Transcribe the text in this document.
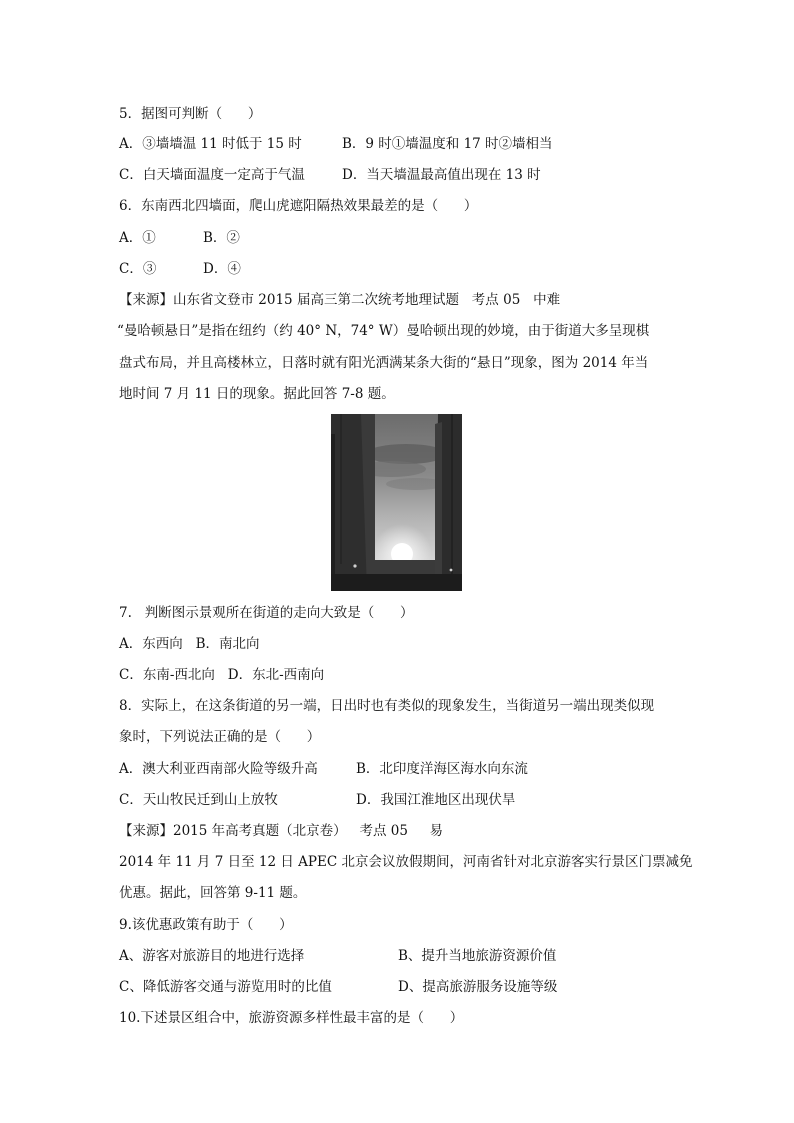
5．据图可判断（      ）
A．③墙墙温 11 时低于 15 时	B．9 时①墙温度和 17 时②墙相当
C．白天墙面温度一定高于气温	D．当天墙温最高值出现在 13 时
6．东南西北四墙面，爬山虎遮阳隔热效果最差的是（      ）
A．①	B．②
C．③	D．④
【来源】山东省文登市 2015 届高三第二次统考地理试题   考点 05   中难
“曼哈顿悬日”是指在纽约（约 40° N，74° W）曼哈顿出现的妙境，由于街道大多呈现棋
盘式布局，并且高楼林立，日落时就有阳光洒满某条大街的“悬日”现象，图为 2014 年当
地时间 7 月 11 日的现象。据此回答 7-8 题。
7.   判断图示景观所在街道的走向大致是（      ）
A．东西向   B．南北向
C．东南-西北向   D．东北-西南向
8．实际上，在这条街道的另一端，日出时也有类似的现象发生，当街道另一端出现类似现
象时，下列说法正确的是（      ）
A．澳大利亚西南部火险等级升高	B．北印度洋海区海水向东流
C．天山牧民迁到山上放牧	D．我国江淮地区出现伏旱
【来源】2015 年高考真题（北京卷）   考点 05     易
2014 年 11 月 7 日至 12 日 APEC 北京会议放假期间，河南省针对北京游客实行景区门票减免
优惠。据此，回答第 9-11 题。
9.该优惠政策有助于（      ）
A、游客对旅游目的地进行选择	B、提升当地旅游资源价值
C、降低游客交通与游览用时的比值	D、提高旅游服务设施等级
10.下述景区组合中，旅游资源多样性最丰富的是（      ）
